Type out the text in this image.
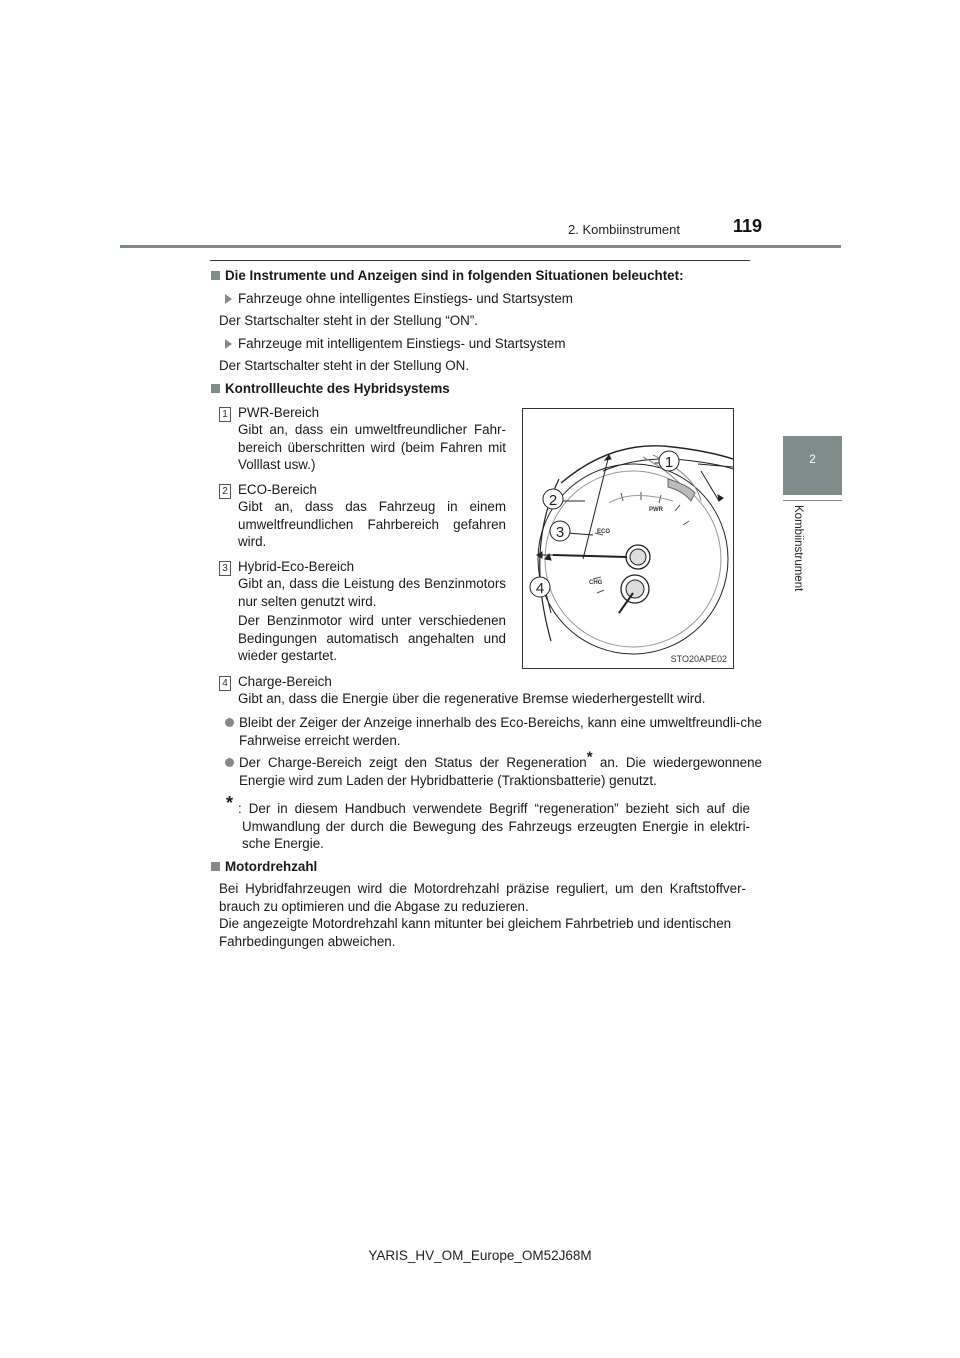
2. Kombiinstrument	119
2
Kombiinstrument
Die Instrumente und Anzeigen sind in folgenden Situationen beleuchtet:
Fahrzeuge ohne intelligentes Einstiegs- und Startsystem
Der Startschalter steht in der Stellung “ON”.
Fahrzeuge mit intelligentem Einstiegs- und Startsystem
Der Startschalter steht in der Stellung ON.
Kontrollleuchte des Hybridsystems
1 PWR-Bereich
Gibt an, dass ein umweltfreundlicher Fahr-bereich überschritten wird (beim Fahren mit Volllast usw.)
2 ECO-Bereich
Gibt an, dass das Fahrzeug in einem umweltfreundlichen Fahrbereich gefahren wird.
3 Hybrid-Eco-Bereich
Gibt an, dass die Leistung des Benzinmotors nur selten genutzt wird.
Der Benzinmotor wird unter verschiedenen Bedingungen automatisch angehalten und wieder gestartet.
1
2
3
4
PWR
ECO
CHG
STO20APE02
4 Charge-Bereich
Gibt an, dass die Energie über die regenerative Bremse wiederhergestellt wird.
Bleibt der Zeiger der Anzeige innerhalb des Eco-Bereichs, kann eine umweltfreundli-che Fahrweise erreicht werden.
Der Charge-Bereich zeigt den Status der Regeneration* an. Die wiedergewonnene Energie wird zum Laden der Hybridbatterie (Traktionsbatterie) genutzt.
* : Der in diesem Handbuch verwendete Begriff “regeneration” bezieht sich auf die Umwandlung der durch die Bewegung des Fahrzeugs erzeugten Energie in elektri-sche Energie.
Motordrehzahl
Bei Hybridfahrzeugen wird die Motordrehzahl präzise reguliert, um den Kraftstoffver-brauch zu optimieren und die Abgase zu reduzieren.
Die angezeigte Motordrehzahl kann mitunter bei gleichem Fahrbetrieb und identischen Fahrbedingungen abweichen.
YARIS_HV_OM_Europe_OM52J68M
